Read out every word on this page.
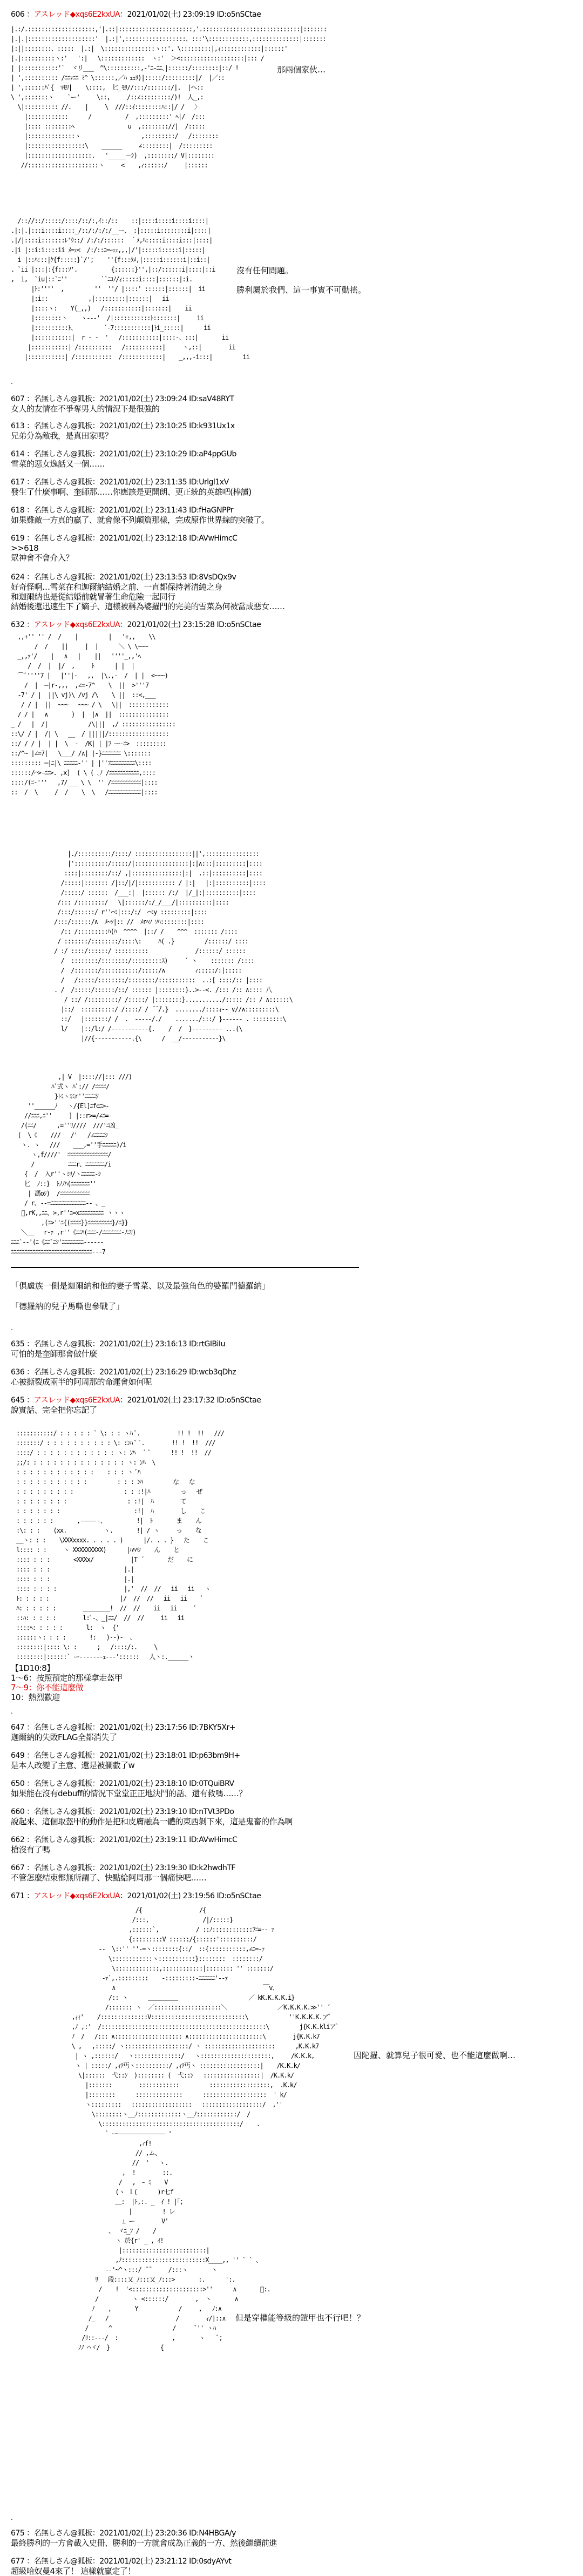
606 ：アスレッド◆xqs6E2kxUA：2021/01/02(土) 23:09:19 ID:o5nSCtae
607 ：名無しさん@狐板：2021/01/02(土) 23:09:24 ID:saV48RYT
女人的友情在不爭奪男人的情況下是很強的
613 ：名無しさん@狐板：2021/01/02(土) 23:10:25 ID:k931Ux1x
兄弟分為敵我，是真田家嗎？
614 ：名無しさん@狐板：2021/01/02(土) 23:10:29 ID:aP4ppGUb
雪菜的惡女逸話又一個……
617 ：名無しさん@狐板：2021/01/02(土) 23:11:35 ID:Urlgl1xV
發生了什麼事啊、奎師那……你應該是更開朗、更正統的英雄吧(棒讀)
618 ：名無しさん@狐板：2021/01/02(土) 23:11:43 ID:fHaGNPPr
如果難敵一方真的贏了、就會像不列顛篇那樣，完成原作世界線的突破了。
619 ：名無しさん@狐板：2021/01/02(土) 23:12:18 ID:AVwHimcC
>>618
眾神會不會介入？
624 ：名無しさん@狐板：2021/01/02(土) 23:13:53 ID:8VsDQx9v
好奇怪啊…雪菜在和迦爾納結婚之前、一直都保持著清純之身
和迦爾納也是從結婚前就冒著生命危險一起同行
結婚後還迅速生下了嫡子、這樣被稱為婆羅門的完美的雪菜為何被當成惡女……
632 ：アスレッド◆xqs6E2kxUA：2021/01/02(土) 23:15:28 ID:o5nSCtae
635 ：名無しさん@狐板：2021/01/02(土) 23:16:13 ID:rtGIBiIu
可怕的是奎師那會做什麼
636 ：名無しさん@狐板：2021/01/02(土) 23:16:29 ID:wcb3qDhz
心被撕裂成兩半的阿周那的命運會如何呢
645 ：アスレッド◆xqs6E2kxUA：2021/01/02(土) 23:17:32 ID:o5nSCtae
說實話、完全把你忘記了
647 ：名無しさん@狐板：2021/01/02(土) 23:17:56 ID:7BKY5Xr+
迦爾納的失敗FLAG全都消失了
649 ：名無しさん@狐板：2021/01/02(土) 23:18:01 ID:p63bm9H+
是本人改變了主意、還是被攔截了w
650 ：名無しさん@狐板：2021/01/02(土) 23:18:10 ID:0TQuiBRV
如果能在沒有debuff的情況下堂堂正正地決鬥的話、還有救嗎……？
660 ：名無しさん@狐板：2021/01/02(土) 23:19:10 ID:nTVt3PDo
說起來、這個取盔甲的動作是把和皮膚融為一體的東西剝下來，這是鬼畜的作為啊
662 ：名無しさん@狐板：2021/01/02(土) 23:19:11 ID:AVwHimcC
槍沒有了嗎
667 ：名無しさん@狐板：2021/01/02(土) 23:19:30 ID:k2hwdhTF
不管怎麼結束都無所謂了、快點給阿周那一個痛快吧……
671 ：アスレッド◆xqs6E2kxUA：2021/01/02(土) 23:19:56 ID:o5nSCtae
675 ：名無しさん@狐板：2021/01/02(土) 23:20:36 ID:N4HBGA/y
最終勝利的一方會載入史冊、勝利的一方就會成為正義的一方、然後繼續前進
677 ：名無しさん@狐板：2021/01/02(土) 23:21:12 ID:0sdyAYvt
超級哈奴曼4來了！ 這樣就贏定了！
|.:/.::::::::::::::::::::,'|.::|::::::::::::::::::::::,'.:::::::::::::::::::::::::::::|:::::::
|.|.|::::::::::::::::::::'  |.:|',::::::::::::::::::、:::'\::::::::::::,::::::::::::::|:::::::
|:||::::::::、:::::  |.:|  \:::::::::::::::ヽ::'. \:::::::::|,ｨ::::::::::::|::::::'
|.|::::::::::ヽ:'   ':|   \:::::::::::::  ヽ:'  ＞<:::::::::::::::::::|::: /
| |:::::::::::'`  ヾリ___  ^\::::::::::,-'ﾆ-ﾆﾆ､|::::::/::::::::|::/ !
| ',:::::::::: /ﾆﾆｧﾆﾆ ﾐ^ \::::::,／ﾊ ｪｪﾘ)|:::::/:::::::::|/  |／::
| ',::::::ﾊﾞ{  ﾏﾓﾘ|    \::::,  匕_ﾓﾘ//:::/:::::::/|.  |ヘ::
\ ',:::::::ヽ    `ー'     \::,     /::∠:::::::::/)!  人_,:
\|:::::::::: //.    |     \  ///::ｲ::::::::ﾊ::|/ /   〉
|::::::::::::      /          /  ,:::::::::' ﾍ|/  /:::
|:::: ::::::::ﾍ                u  ,:::::::://|  /:::::
|::::::::::::::ヽ                  ,:::::::::/   /::::::::
|:::::::::::::::::\    ______     ∠::::::::|  /:::::::::
|:::::::::::::::::::.   '_____－ｼ)  ,::::::::/ V|::::::::
//:::::::::::::::::::::ヽ     <    ,ｨ::::::/     |::::::
/:://::/:::::/::::/::/:,ｲ::/::    ::|::::i::::i::::i::::|
.|:|.|:::i::::i::::_/::/:/:/:/__ー、 :|:::::i::::::::i|::::|
.|/|::::i:::::::ﾚ'ｳ::/ /:/:/::::::  ｀ﾒ,ﾊ:::::i::::i:::|::::|
.|i |::i:i::::ii ﾒ=ｪ<  /:/::ﾆ=ｰｪｪ,,,|/'|:::::i:::::i|:::::|
i |::ﾊ:::|ｹ{f:::::}`/';    ''{f:::ﾀﾒ,|:::::i::::::i|::i::|
. `ii |:::|:{f:::ｿ'.          {::::::}'',|::/::::::i|::::|::i
,  i,  `iu|::`ﾆ''          ``ﾆｺﾉ/ｨ:::::i::::|::::::|:i.
|ﾄ:''''  ,         ''  ''/ |::::' ::::::|::::::|  ii
|:i::            ,|:::::::::|::::::|   ii
|::::ヽ:    Y(_,,)   /:::::::::::|:::::::|    ii
|::::::::ヽ    ヽ---'  /|:::::::::::ﾄ:::::::|     ii
|::::::::::ﾄ、        ´-7:::::::::::|ﾄi_:::::|      ii
|:::::::::::|  r - -  '   /:::::::::::|::::-、:::|       ii
|:::::::::::| /::::::::::   /:::::::::::|     ヽ,::|        ii
|:::::::::::| /:::::::::::  /::::::::::::|    _,,,-i:::|         ii
,,+'' '' /  /    |         |   '+,,    \\
/  /    ||     |  |      ＼ \ \~~~
_,,ｧ'/    |   ∧   |    ||   ''''_,,'ﾍ
/  /  |  |/  ,     ﾄ      | |  |
⌒ﾞ''''7 |   |''|-   ,,  |\.,-  /  | |  <~~~)
/  |  ─|r-,,,  ,∠=-7^    \  ||  >'''7
-7' / |  ||\ vj)\ /vj /\    \ ||  ::<,___
/ / |  ||  ~~~   ~~~ / \   \||  ::::::::::::
/ / |   ∧       )  |  |∧  ||  :::::::::::::::
_ /   |  /|            /\|||  ,/ ::::::::::::::::
::\/ / |  /| \   __  / |||||/::::::::::::::::::
::/ / / |  | |  \  -  /K| | |ﾌ ｰｰ-ﾆ>  :::::::::
::/^~ |∠=7|   \___/ /∧| |-}ﾆﾆﾆﾆﾆﾆﾆ \:::::::
::::::::: ─|ﾆ|\ ﾆﾆﾆﾆﾆ-'' | |''ﾌﾆﾆﾆﾆﾆﾆﾆﾆﾆ\::::
::::::/⌒>-ﾆﾆ>. ,x]  ( \ ( ､ﾉ /ﾆﾆﾆﾆﾆﾆﾆﾆﾆﾆﾆ,::::
::::/(ﾆ-'''   ,7/___ \ \  '' /ﾆﾆﾆﾆﾆﾆﾆﾆﾆﾆﾆ|::::
::  /  \     /  /    \  \   /ﾆﾆﾆﾆﾆﾆﾆﾆﾆﾆﾆﾆ|::::
|./::::::::::/::::/ :::::::::::::::::||',::::::::::::::::
|'::::::::::/:::::/|::::::::::::::::|:|∧:::|:::::::::|::::
::::|::::::::/::/ ,|:::::::::::::::|:|  .::|::::::::::|::::
/:::::|::::::: /|::/|/|::::::::::: / |:|   |:|::::::::::|::::
/:::::/ ::::::  /___:|  |:::::: /:/  |/_|:|::::::::::|::::
/::: /::::::::/   \|::::::/:/_/___/|::::::::::|::::
/:::/::::::/ r''⌒ﾐ|:::/:/  ⌒ﾐy :::::::::|::::
/:::/::::::/∧  ﾒ~ｿ|:: //  ﾒrﾍｿ ｿﾊ::::::::|::::
/:: /:::::::::ﾊ(ﾊ  ^^^^  |::/ /    ^^^  ::::::: /::::
/ :::::::/::::::::/::::\:     ﾊ( .}         /::::::/ ::::
/ :/ ::::/::::::/ ::::::::::              /::::::/ ::::::
/  ::::::::/::::::::/:::::::::ｽ)     ´ ヽ    ::::::: /::::
/  /:::::::/:::::::::::/:::::/∧         ｨ:::::/:|:::::
/   /:::::/::::::::/::::::::/:::::::::::  ..:[ ::::/:: |::::
. /  /:::::/::::::/::/ :::::: |::::::::}..>--<. /::: /:: ∧:::: 八
/ ::/ /:::::::::/ /:::::/ |::::::::}.........../::::: /:: / ∧::::::\
|::/  ::::::::::/ /::::/ / ̄ ̄ ̄/.}  ......../::::ｨ-- ∨//∧:::::::::\
::/   |:::::::/ /  .  -----/./    ......./:::/ }------ . :::::::::\
l/    |::/l:/ /-----------{.    /  /  }--------- ...(\
|//{-----------.{\      /  __/-----------}\
,| V  |:::://|::: ///)
ﾊﾞ式ヽ ﾊﾞ:// /ﾆﾆﾆﾆ/
}ﾄﾐヽﾐﾐr''ﾆﾆﾆﾆｼ
''______ﾉ   ヽ/{El]ﾆf⊂ﾆ>-
//ﾆﾆﾆ,ﾆ''     ] |::r>=/∠ﾆ=-
/(ﾆﾆ/      ,=''ﾘ////  ///'ﾆ凶_
(  \《    ///   /'   /∠ﾆﾆﾆﾆｼ
ヽ. ヽ   ///    ___,=''手ﾆﾆﾆﾆﾆ)/i
ヽ,f////'  ﾆﾆﾆﾆﾆﾆﾆﾆﾆﾆﾆﾆﾆﾆﾆ/
/          ﾆﾆﾆr、ﾆﾆﾆﾆﾆﾆﾆ/i
{  /  入r''ヽﾐﾘ/ヽﾆﾆﾆﾆﾆ-ｼ
匕  ﾉ::}  ﾄﾉﾉﾊ(ﾆﾆﾆﾆﾆﾆﾆ''
| 馮oｼ)  /ﾆﾆﾆﾆﾆﾆﾆﾆﾆﾆﾆ
/ r、--=ﾆﾆﾆﾆﾆﾆﾆﾆﾆﾆﾆﾆﾆ-- 、_
ﾞ,rK,,ﾆﾆ、>,r''ﾆ=xﾆﾆﾆﾆﾆﾆﾆﾆﾆ ヽヽヽ
,(ﾆ>''ﾆ{(ﾆﾆﾆﾆ}}ﾆﾆﾆﾆﾆﾆﾆﾆﾆ}/ﾆ}}
＼__   r-ｧ ,r''《ﾆﾆﾊ(ﾆﾆﾆ-/ﾆﾆﾆﾆﾆﾆﾆ-ﾉﾆﾘ)
ﾆﾆﾆ`--'(ﾆ《ﾆﾆﾞﾆｼ'ﾆﾆﾆﾆﾆﾆﾆﾆ------
ﾆﾆﾆﾆﾆﾆﾆﾆﾆﾆﾆﾆﾆﾆﾆﾆﾆﾆﾆﾆﾆﾆﾆﾆﾆﾆﾆﾆﾆﾆ---7
:::::::::::/ : : : : : ` \: : : ヽﾊ ﾞ.           !! !  !!   ///
:::::::/ : : : : : : : : : : \: :ﾝﾊ ﾞ ﾞ.        !! !  !!  ///
::::/ : : : : : : : : : : : : ヽ: ﾝﾊ   ﾞ ﾞ      !! !  !!  //
;;/: : : : : : : : : : : : : : : ヽ: ﾝﾊ  \
: : : : : : : : : : : :    : : : ヽ ﾞﾊ
: : : : : : : : : : :         : : : ﾝﾊ         な   な
: : : : : : : : :               : : :!|ﾊ         っ   ぜ
: : : : : : : :                  : :!|  ﾊ        て
: : : : : : :                      :!|  ﾊ        し    こ
: : : : : :       ,-―――--、         !|  ﾄ       ま    ん
:\: : :    (xx.           ヽ.       !| / ヽ     っ    な
__ヽ: : :    \XXXxxxx. . . . . )      |/. . . }   た    こ
l:::: : :     ヽ XXXXXXXXX)      |ﾊﾊﾊｼ    ん    と
:::: : : :       <XXXx/           |T ´       だ    に
:::: : : :                      |.|
:::: : : :                      |.|
:::: : : : :                    |,'  //  //   ii   ii   ヽ
ﾄ: : : : :                     |/  //  //   ii   ii    ﾞ
ﾊ: : : : : :        ________!  //  //    ii   ii     ﾞ
::ﾊ: : : : :        l:ﾞ-、_|ﾆﾆ/  //  //     ii   ii
::::ﾍ: : : : :       l:  ヽ  {'
::::::ヽ: : : :       !:   )--)-  、
::::::::|:::: \: :      ;   /::::/:.     \
::::::::|::::::` ー-------ｪ---'::::::   人ヽ:.______ヽ
/{                 /{
/:::,                /|/:::::}
,::::::`,           / ::ﾉ::::::::::::ﾌﾆ=-- ｧ
{:::::::::V ::::::/{::::::'::::::::::/
--  \::'' ''-=ヽ::::::::{::/  ::{:::::::::::,∠ﾆ=-ｧ
\::::::::::::ヽ:::::::::::}::::::::  ::::::::/
\:::::::::::::,::::::::::::|:::::::: '' :::::::/
-ｧ`,.:::::::::    -:::::::::-ﾆﾆﾆﾆﾆﾆ'--ｧ
∧                                            ￣v、
/:: ヽ      ＿＿＿＿＿                     ／ kK.K.K.K.i}
/::::::: ヽ  ／::::::::::::::::::::＼               ／K.K.K.K.≫'' ´
,ｨｨ'    /::::::::::::::V::::::::::::::::::::::::::::\            ''K.K.K.K.ア゜
,ﾉ ,:'  /:::::::::::::::::::::::::::::::::::::::::::::::::\         j{K.K.kliア゜
ﾉ  /   /::: ∧:::::::::::::::::::: ∧::::::::::::::::::::::\        j{K.K.k7
\ ,   ,:::::/ ヽ:::::::::::::::::::/ ヽ :::::::::::::::::::::      ,K.K.k7
| ヽ ,::::::/   ヽ::::::::::::::/   ヽ:::::::::::::::::::::,     /K.K.k,
ヽ | :::::/ ,ｨﾃ丐ヽ::::::::::/ ,ｨﾃ丐ヽ ::::::::::::::::::|    /K.K.k/
\|::::::  弋::ﾝ  ):::::::: (  弋::ﾝ   :::::::::::::::::|  /K.K.k/
|:::::::        ::::::::::::         ::::::::::::::::::,  .K.k/
|::::::::      ::::::::::::::      :::::::::::::::::::  ' k/
ヽ:::::::::   ::::::::::::::::::   ::::::::::::::::::/  ,''
\::::::::ヽ__ﾉ:::::::::::::ヽ__ﾉ::::::::::::/  /
\:::::::::::::::::::::::::::::::::::::::::/    .
` ー―――――――――――――― '
,ｨf!
// ,ム、
//  '   ヽ.
,  !        ::.
/   ,  ｰ ﾐ    V
(ヽ ｌ(      )r七f
＿:  |ﾄ,:. _  ｲ ! |｢;
|         ! レ
⊥ ー        V'
、 ヾﾆ_ﾌ /    /
ヽ 於{r' _ , ｲ!
|:::::::::::::::::::::::::|
,ﾉ:::::::::::::::::::::::::X____,, '' ` ` 、
-‐'~^ヽ:::/ ̄ ̄      /:::ヽ       ヽ
ﾘ   段::::又_ﾉ:::又_ﾉ:::>       :.      ':.
/    !  '<:::::::::::::::::::::>''      ∧       ﾞ:.
/          ヽ <::::::/        ,  ヽ       ∧
ﾉ    ,       Y            /     ,   ﾉ:∧
/_   /                    /        ｨ/|::∧
/      ^                  /      ﾞ'' ヽﾊ
/ﾘ::---/  :                ,       ヽ    ﾞ;
ﾉﾉ ⌒ヾ/  }               {
那兩個家伙…
沒有任何問題。
勝利屬於我們、這一事實不可動搖。
因陀羅、就算兒子很可愛、也不能這麼做啊…
但是穿權能等級的鎧甲也不行吧！？
「俱盧族一側是迦爾納和他的妻子雪菜、以及最強角色的婆羅門德羅納」
「德羅納的兒子馬嘶也參戰了」
【1D10:8】
1～6：按照預定的那樣拿走盔甲
7～9：你不能這麼做
10：熱烈歡迎
.
.
.
.
